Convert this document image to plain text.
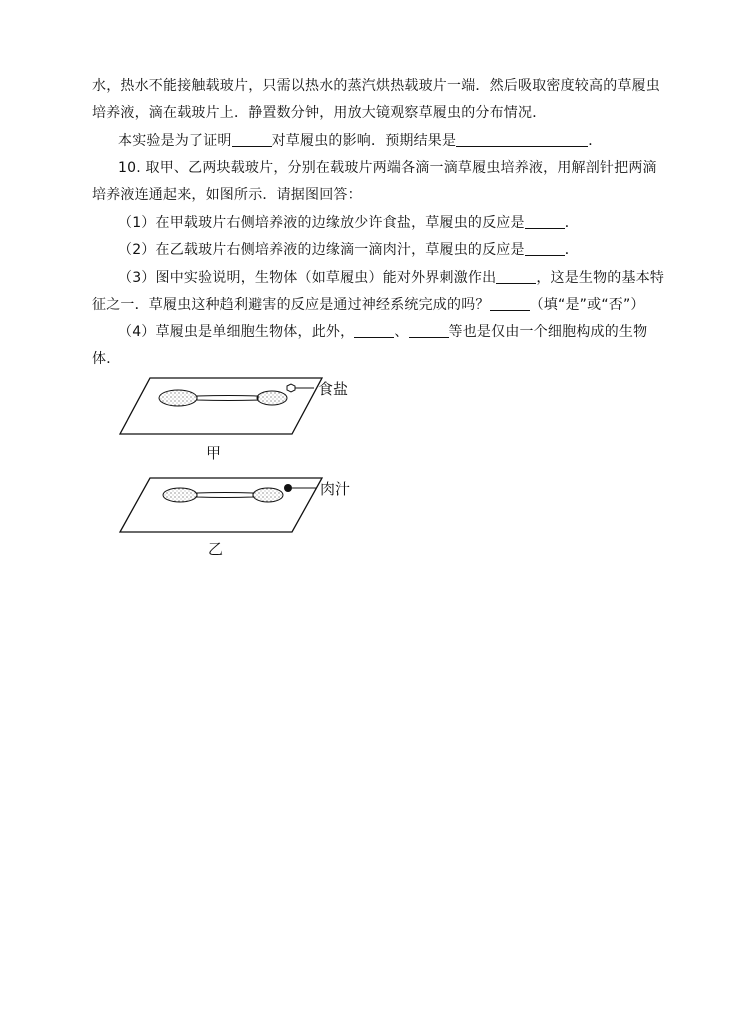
水，热水不能接触载玻片，只需以热水的蒸汽烘热载玻片一端．然后吸取密度较高的草履虫
培养液，滴在载玻片上．静置数分钟，用放大镜观察草履虫的分布情况．
本实验是为了证明	对草履虫的影响．预期结果是	．
10. 取甲、乙两块载玻片，分别在载玻片两端各滴一滴草履虫培养液，用解剖针把两滴
培养液连通起来，如图所示．请据图回答：
（1）在甲载玻片右侧培养液的边缘放少许食盐，草履虫的反应是	．
（2）在乙载玻片右侧培养液的边缘滴一滴肉汁，草履虫的反应是	．
（3）图中实验说明，生物体（如草履虫）能对外界刺激作出	，这是生物的基本特
征之一．草履虫这种趋利避害的反应是通过神经系统完成的吗？	（填“是”或“否”）
（4）草履虫是单细胞生物体，此外，	、	等也是仅由一个细胞构成的生物
体．
食盐
甲
肉汁
乙
